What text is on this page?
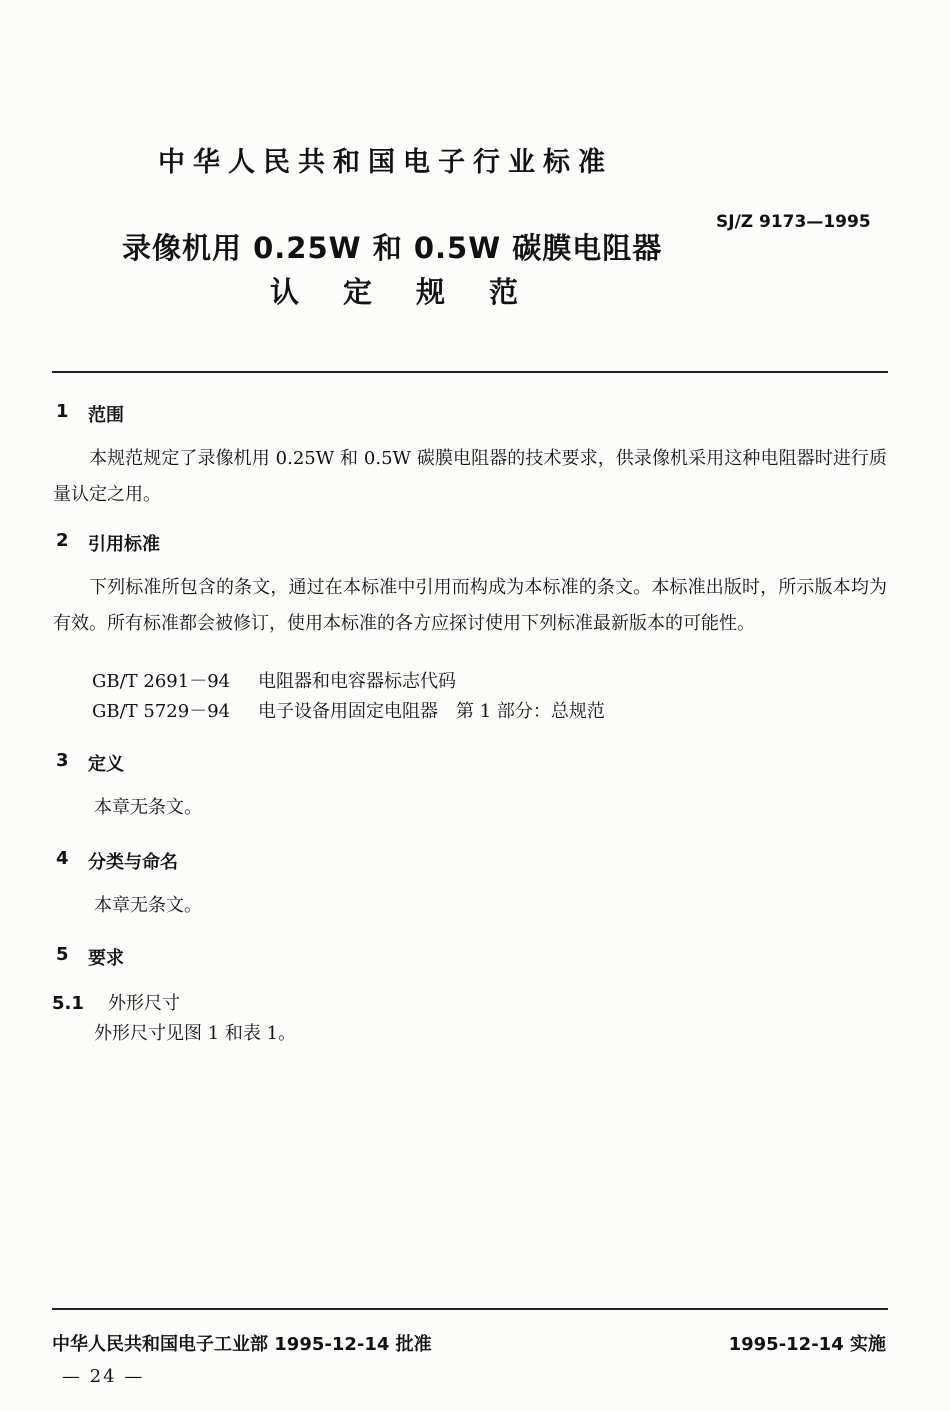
中华人民共和国电子行业标准
SJ/Z 9173—1995
录像机用 0.25W 和 0.5W 碳膜电阻器
认定规范
1 范围
本规范规定了录像机用 0.25W 和 0.5W 碳膜电阻器的技术要求，供录像机采用这种电阻器时进行质量认定之用。
2 引用标准
下列标准所包含的条文，通过在本标准中引用而构成为本标准的条文。本标准出版时，所示版本均为有效。所有标准都会被修订，使用本标准的各方应探讨使用下列标准最新版本的可能性。
GB/T 2691－94 电阻器和电容器标志代码
GB/T 5729－94 电子设备用固定电阻器　第 1 部分：总规范
3 定义
本章无条文。
4 分类与命名
本章无条文。
5 要求
5.1 外形尺寸
外形尺寸见图 1 和表 1。
中华人民共和国电子工业部 1995-12-14 批准	1995-12-14 实施
— 24 —
